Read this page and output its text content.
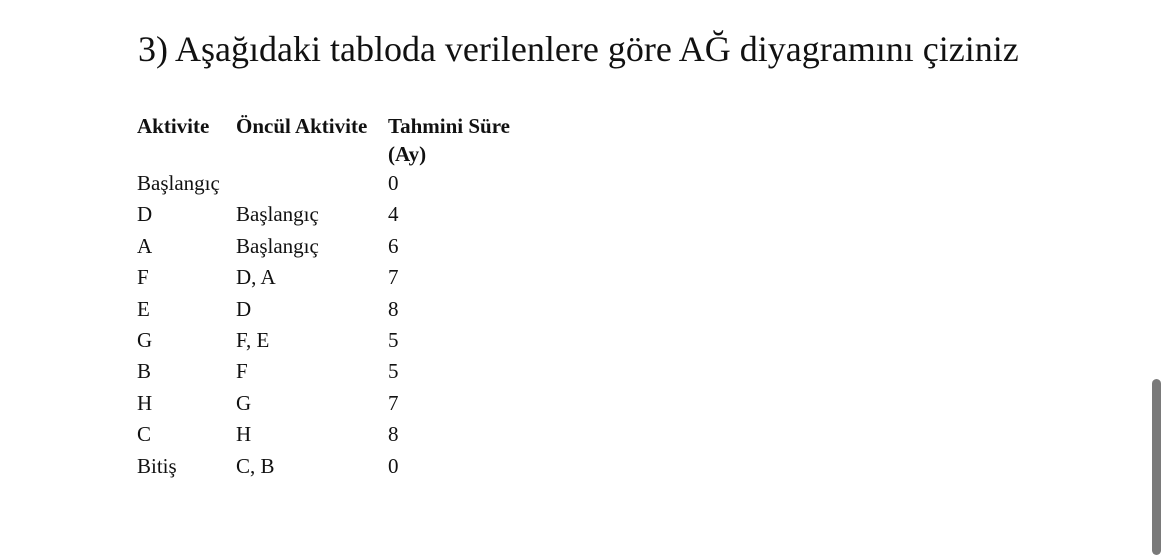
3) Aşağıdaki tabloda verilenlere göre AĞ diyagramını çiziniz
Aktivite	Öncül Aktivite	Tahmini Süre (Ay)
Başlangıç		0
D	Başlangıç	4
A	Başlangıç	6
F	D, A	7
E	D	8
G	F, E	5
B	F	5
H	G	7
C	H	8
Bitiş	C, B	0
